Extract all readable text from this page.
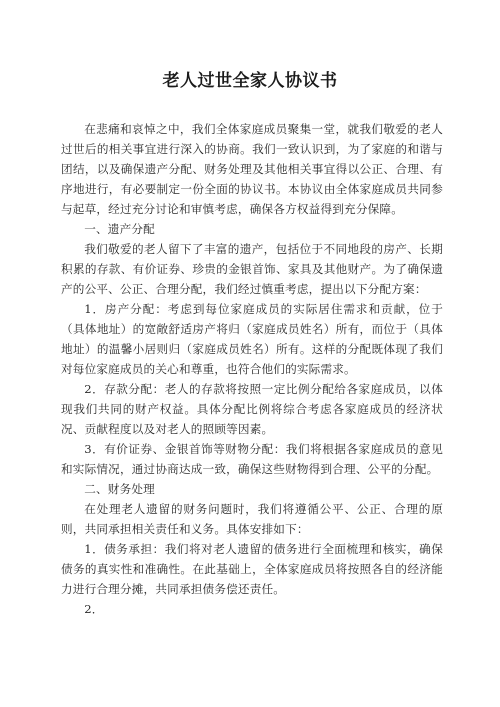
老人过世全家人协议书

在悲痛和哀悼之中，我们全体家庭成员聚集一堂，就我们敬爱的老人过世后的相关事宜进行深入的协商。我们一致认识到，为了家庭的和谐与团结，以及确保遗产分配、财务处理及其他相关事宜得以公正、合理、有序地进行，有必要制定一份全面的协议书。本协议由全体家庭成员共同参与起草，经过充分讨论和审慎考虑，确保各方权益得到充分保障。

一、遗产分配

我们敬爱的老人留下了丰富的遗产，包括位于不同地段的房产、长期积累的存款、有价证券、珍贵的金银首饰、家具及其他财产。为了确保遗产的公平、公正、合理分配，我们经过慎重考虑，提出以下分配方案：

1．房产分配：考虑到每位家庭成员的实际居住需求和贡献，位于（具体地址）的宽敞舒适房产将归（家庭成员姓名）所有，而位于（具体地址）的温馨小居则归（家庭成员姓名）所有。这样的分配既体现了我们对每位家庭成员的关心和尊重，也符合他们的实际需求。

2．存款分配：老人的存款将按照一定比例分配给各家庭成员，以体现我们共同的财产权益。具体分配比例将综合考虑各家庭成员的经济状况、贡献程度以及对老人的照顾等因素。

3．有价证券、金银首饰等财物分配：我们将根据各家庭成员的意见和实际情况，通过协商达成一致，确保这些财物得到合理、公平的分配。

二、财务处理

在处理老人遗留的财务问题时，我们将遵循公平、公正、合理的原则，共同承担相关责任和义务。具体安排如下：

1．债务承担：我们将对老人遗留的债务进行全面梳理和核实，确保债务的真实性和准确性。在此基础上，全体家庭成员将按照各自的经济能力进行合理分摊，共同承担债务偿还责任。

2．
